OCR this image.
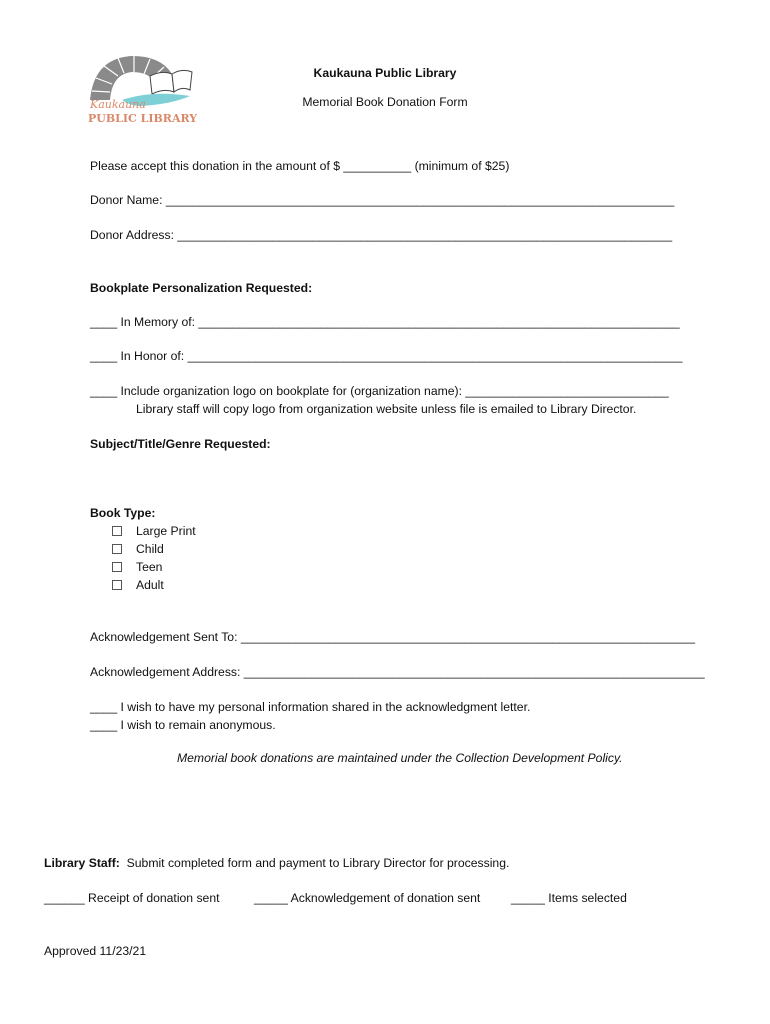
Kaukauna
PUBLIC LIBRARY
Kaukauna Public Library
Memorial Book Donation Form
Please accept this donation in the amount of $ __________ (minimum of $25)
Donor Name: ___________________________________________________________________________
Donor Address: _________________________________________________________________________
Bookplate Personalization Requested:
____ In Memory of: _______________________________________________________________________
____ In Honor of: _________________________________________________________________________
____ Include organization logo on bookplate for (organization name): ______________________________
Library staff will copy logo from organization website unless file is emailed to Library Director.
Subject/Title/Genre Requested:
Book Type:
Large Print
Child
Teen
Adult
Acknowledgement Sent To: ___________________________________________________________________
Acknowledgement Address: ____________________________________________________________________
____ I wish to have my personal information shared in the acknowledgment letter.
____ I wish to remain anonymous.
Memorial book donations are maintained under the Collection Development Policy.
Library Staff: Submit completed form and payment to Library Director for processing.
______ Receipt of donation sent	_____ Acknowledgement of donation sent	_____ Items selected
Approved 11/23/21
